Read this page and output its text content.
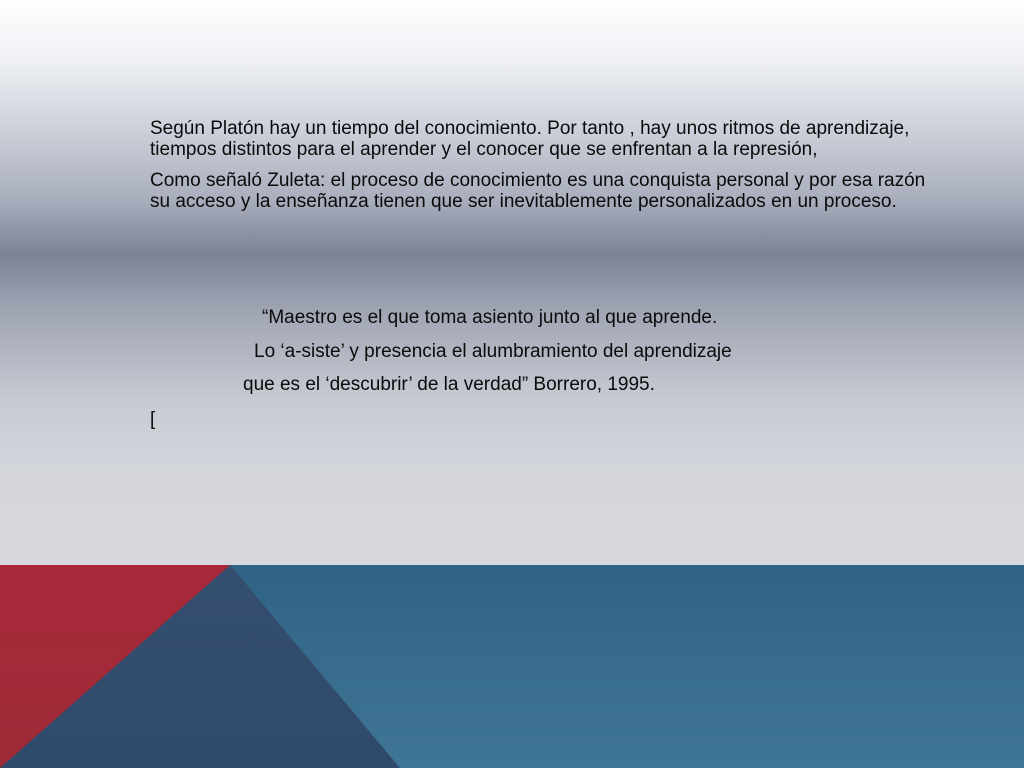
Según Platón hay un tiempo del conocimiento. Por tanto , hay unos ritmos de aprendizaje, tiempos distintos para el aprender y el conocer que se enfrentan a la represión,

Como señaló Zuleta: el proceso de conocimiento es una conquista personal y por esa razón su acceso y la enseñanza tienen que ser inevitablemente personalizados en un proceso.

“Maestro es el que toma asiento junto al que aprende.
Lo ‘a-siste’ y presencia el alumbramiento del aprendizaje
que es el ‘descubrir’ de la verdad” Borrero, 1995.
[
